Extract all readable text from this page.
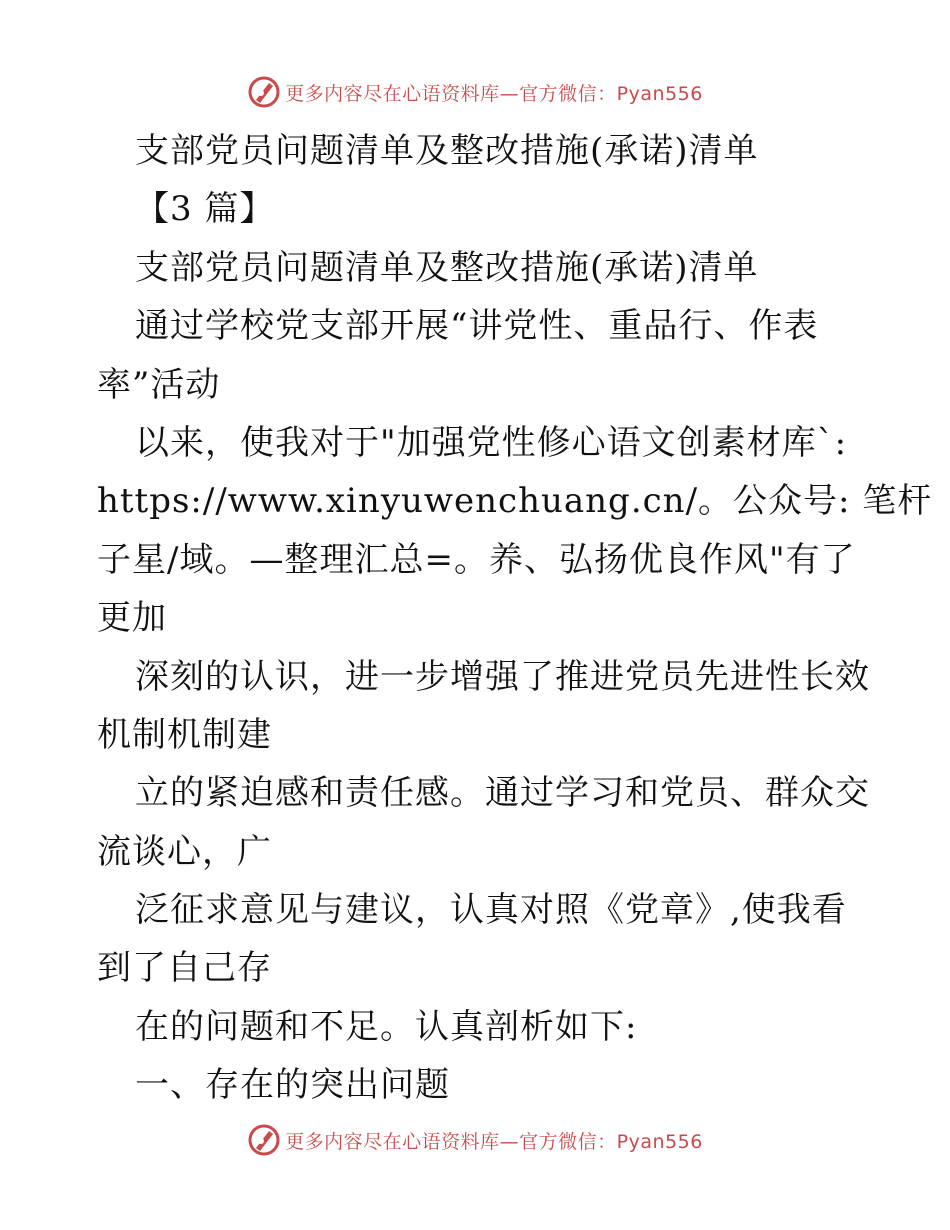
更多内容尽在心语资料库—官方微信：Pyan556
支部党员问题清单及整改措施(承诺)清单
【3 篇】
支部党员问题清单及整改措施(承诺)清单
通过学校党支部开展“讲党性、重品行、作表
率”活动
以来，使我对于"加强党性修心语文创素材库`:
https://www.xinyuwenchuang.cn/。公众号: 笔杆
子星/域。—整理汇总=。养、弘扬优良作风"有了
更加
深刻的认识，进一步增强了推进党员先进性长效
机制机制建
立的紧迫感和责任感。通过学习和党员、群众交
流谈心，广
泛征求意见与建议，认真对照《党章》,使我看
到了自己存
在的问题和不足。认真剖析如下:
一、存在的突出问题
更多内容尽在心语资料库—官方微信：Pyan556
